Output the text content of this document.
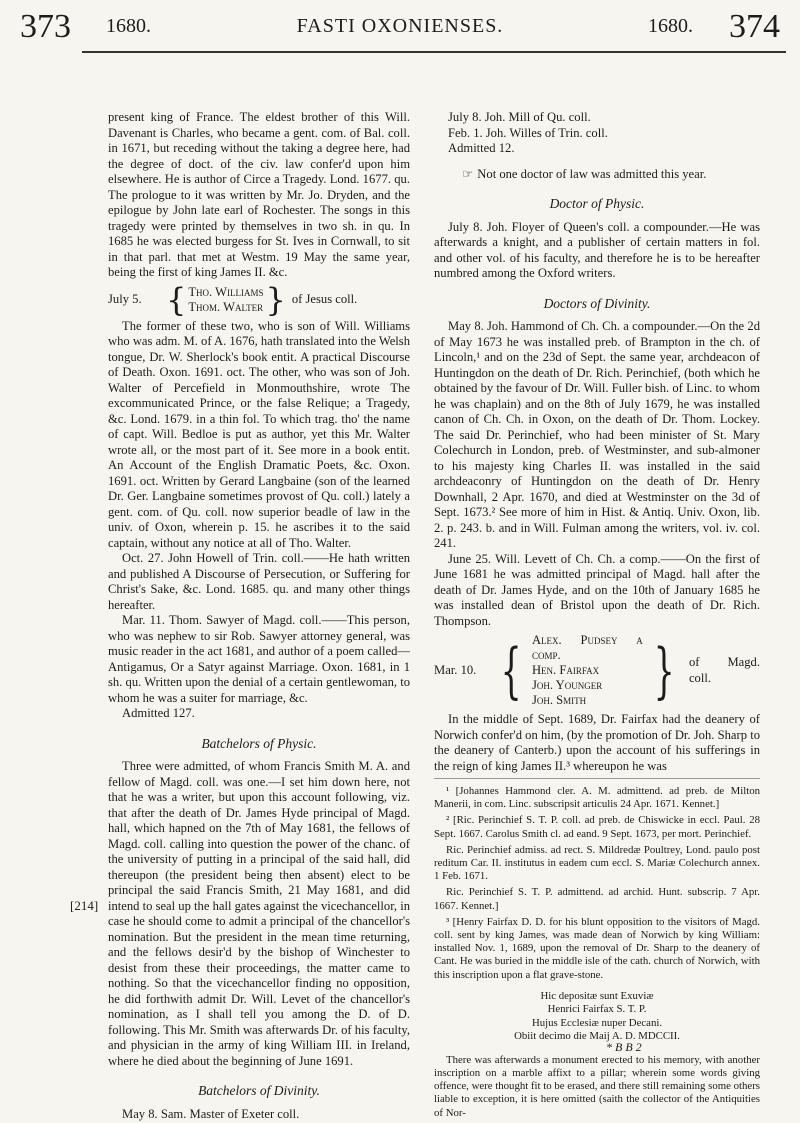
373 1680.	FASTI OXONIENSES.	1680. 374
[214]

present king of France. The eldest brother of this Will. Davenant is Charles, who became a gent. com. of Bal. coll. in 1671, but receding without the taking a degree here, had the degree of doct. of the civ. law confer'd upon him elsewhere. He is author of Circe a Tragedy. Lond. 1677. qu. The prologue to it was written by Mr. Jo. Dryden, and the epilogue by John late earl of Rochester. The songs in this tragedy were printed by themselves in two sh. in qu. In 1685 he was elected burgess for St. Ives in Cornwall, to sit in that parl. that met at Westm. 19 May the same year, being the first of king James II. &c.

July 5. { Tho. Williams
Thom. Walter } of Jesus coll.

The former of these two, who is son of Will. Williams who was adm. M. of A. 1676, hath translated into the Welsh tongue, Dr. W. Sherlock's book entit. A practical Discourse of Death. Oxon. 1691. oct. The other, who was son of Joh. Walter of Percefield in Monmouthshire, wrote The excommunicated Prince, or the false Relique; a Tragedy, &c. Lond. 1679. in a thin fol. To which trag. tho' the name of capt. Will. Bedloe is put as author, yet this Mr. Walter wrote all, or the most part of it. See more in a book entit. An Account of the English Dramatic Poets, &c. Oxon. 1691. oct. Written by Gerard Langbaine (son of the learned Dr. Ger. Langbaine sometimes provost of Qu. coll.) lately a gent. com. of Qu. coll. now superior beadle of law in the univ. of Oxon, wherein p. 15. he ascribes it to the said captain, without any notice at all of Tho. Walter.

Oct. 27. John Howell of Trin. coll.——He hath written and published A Discourse of Persecution, or Suffering for Christ's Sake, &c. Lond. 1685. qu. and many other things hereafter.

Mar. 11. Thom. Sawyer of Magd. coll.——This person, who was nephew to sir Rob. Sawyer attorney general, was music reader in the act 1681, and author of a poem called—Antigamus, Or a Satyr against Marriage. Oxon. 1681, in 1 sh. qu. Written upon the denial of a certain gentlewoman, to whom he was a suiter for marriage, &c.

Admitted 127.

Batchelors of Physic.

Three were admitted, of whom Francis Smith M. A. and fellow of Magd. coll. was one.—I set him down here, not that he was a writer, but upon this account following, viz. that after the death of Dr. James Hyde principal of Magd. hall, which hapned on the 7th of May 1681, the fellows of Magd. coll. calling into question the power of the chanc. of the university of putting in a principal of the said hall, did thereupon (the president being then absent) elect to be principal the said Francis Smith, 21 May 1681, and did intend to seal up the hall gates against the vicechancellor, in case he should come to admit a principal of the chancellor's nomination. But the president in the mean time returning, and the fellows desir'd by the bishop of Winchester to desist from these their proceedings, the matter came to nothing. So that the vicechancellor finding no opposition, he did forthwith admit Dr. Will. Levet of the chancellor's nomination, as I shall tell you among the D. of D. following. This Mr. Smith was afterwards Dr. of his faculty, and physician in the army of king William III. in Ireland, where he died about the beginning of June 1691.

Batchelors of Divinity.

May 8. Sam. Master of Exeter coll.

July 8. Joh. Mill of Qu. coll.

Feb. 1. Joh. Willes of Trin. coll.

Admitted 12.

☞ Not one doctor of law was admitted this year.

Doctor of Physic.

July 8. Joh. Floyer of Queen's coll. a compounder.—He was afterwards a knight, and a publisher of certain matters in fol. and other vol. of his faculty, and therefore he is to be hereafter numbred among the Oxford writers.

Doctors of Divinity.

May 8. Joh. Hammond of Ch. Ch. a compounder.—On the 2d of May 1673 he was installed preb. of Brampton in the ch. of Lincoln,¹ and on the 23d of Sept. the same year, archdeacon of Huntingdon on the death of Dr. Rich. Perinchief, (both which he obtained by the favour of Dr. Will. Fuller bish. of Linc. to whom he was chaplain) and on the 8th of July 1679, he was installed canon of Ch. Ch. in Oxon, on the death of Dr. Thom. Lockey. The said Dr. Perinchief, who had been minister of St. Mary Colechurch in London, preb. of Westminster, and sub-almoner to his majesty king Charles II. was installed in the said archdeaconry of Huntingdon on the death of Dr. Henry Downhall, 2 Apr. 1670, and died at Westminster on the 3d of Sept. 1673.² See more of him in Hist. & Antiq. Univ. Oxon, lib. 2. p. 243. b. and in Will. Fulman among the writers, vol. iv. col. 241.

June 25. Will. Levett of Ch. Ch. a comp.——On the first of June 1681 he was admitted principal of Magd. hall after the death of Dr. James Hyde, and on the 10th of January 1685 he was installed dean of Bristol upon the death of Dr. Rich. Thompson.

Mar. 10. { Alex. Pudsey a comp.
Hen. Fairfax
Joh. Younger
Joh. Smith	} of Magd. coll.

In the middle of Sept. 1689, Dr. Fairfax had the deanery of Norwich confer'd on him, (by the promotion of Dr. Joh. Sharp to the deanery of Canterb.) upon the account of his sufferings in the reign of king James II.³ whereupon he was

¹ [Johannes Hammond cler. A. M. admittend. ad preb. de Milton Manerii, in com. Linc. subscripsit articulis 24 Apr. 1671. Kennet.]

² [Ric. Perinchief S. T. P. coll. ad preb. de Chiswicke in eccl. Paul. 28 Sept. 1667. Carolus Smith cl. ad eand. 9 Sept. 1673, per mort. Perinchief.

Ric. Perinchief admiss. ad rect. S. Mildredæ Poultrey, Lond. paulo post reditum Car. II. institutus in eadem cum eccl. S. Mariæ Colechurch annex. 1 Feb. 1671.

Ric. Perinchief S. T. P. admittend. ad archid. Hunt. subscrip. 7 Apr. 1667. Kennet.]

³ [Henry Fairfax D. D. for his blunt opposition to the visitors of Magd. coll. sent by king James, was made dean of Norwich by king William: installed Nov. 1, 1689, upon the removal of Dr. Sharp to the deanery of Cant. He was buried in the middle isle of the cath. church of Norwich, with this inscription upon a flat grave-stone.

Hic depositæ sunt Exuviæ
Henrici Fairfax S. T. P.
Hujus Ecclesiæ nuper Decani.
Obiit decimo die Maij A. D. MDCCII.

There was afterwards a monument erected to his memory, with another inscription on a marble affixt to a pillar; wherein some words giving offence, were thought fit to be erased, and there still remaining some others liable to exception, it is here omitted (saith the collector of the Antiquities of Nor-

* B B 2
